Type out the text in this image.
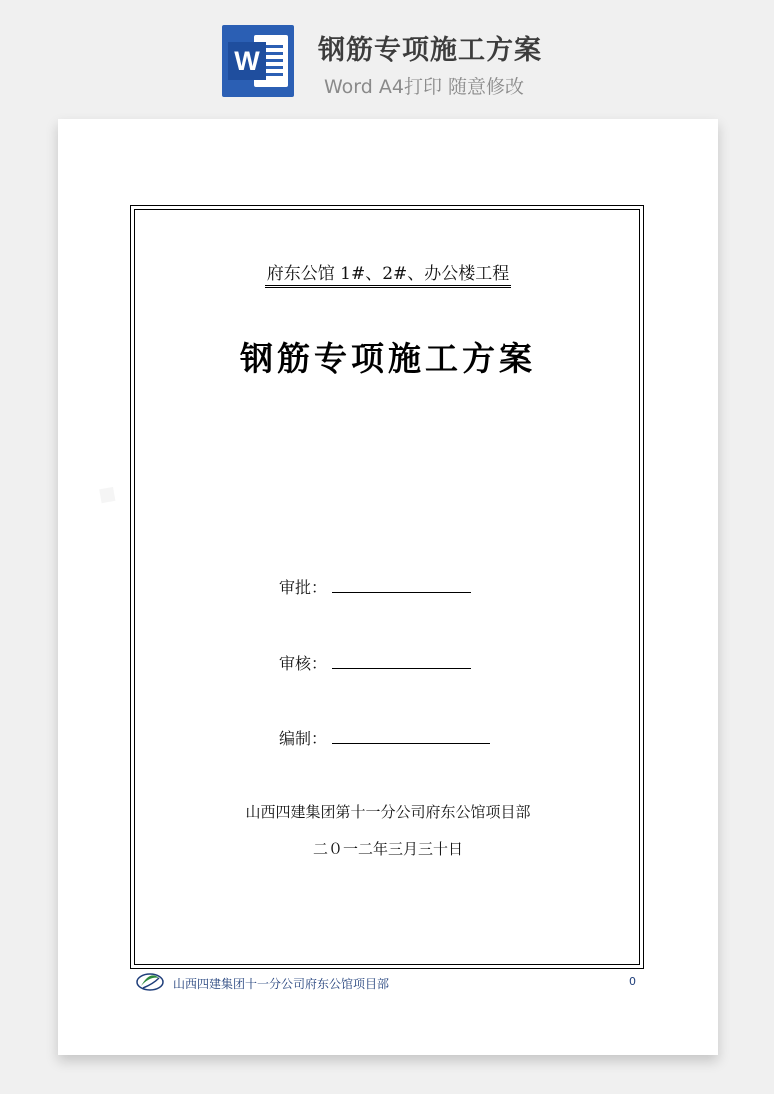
W 钢筋专项施工方案
Word A4打印 随意修改
府东公馆 1#、2#、办公楼工程
钢筋专项施工方案
审批：
审核：
编制：
山西四建集团第十一分公司府东公馆项目部
二０一二年三月三十日
山西四建集团十一分公司府东公馆项目部	0
